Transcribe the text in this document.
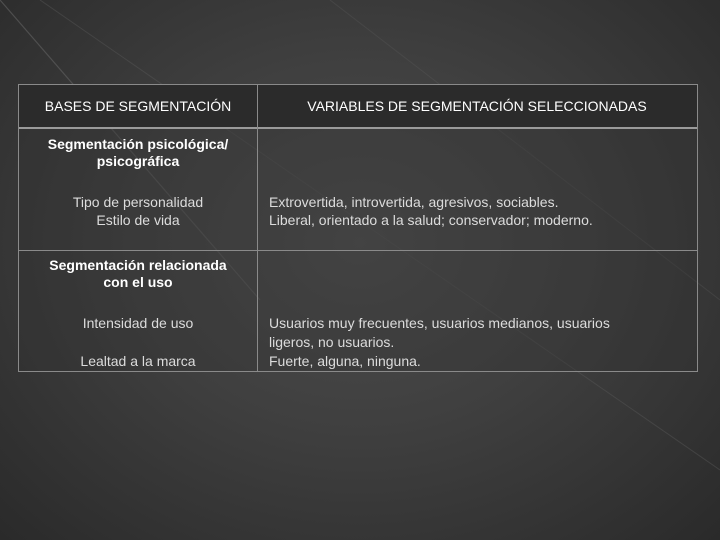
BASES DE SEGMENTACIÓN	VARIABLES DE SEGMENTACIÓN SELECCIONADAS
Segmentación psicológica/
psicográfica
Tipo de personalidad
Estilo de vida
Extrovertida, introvertida, agresivos, sociables.
Liberal, orientado a la salud; conservador; moderno.
Segmentación relacionada
con el uso
Intensidad de uso
Lealtad a la marca
Usuarios muy frecuentes, usuarios medianos, usuarios
ligeros, no usuarios.
Fuerte, alguna, ninguna.
